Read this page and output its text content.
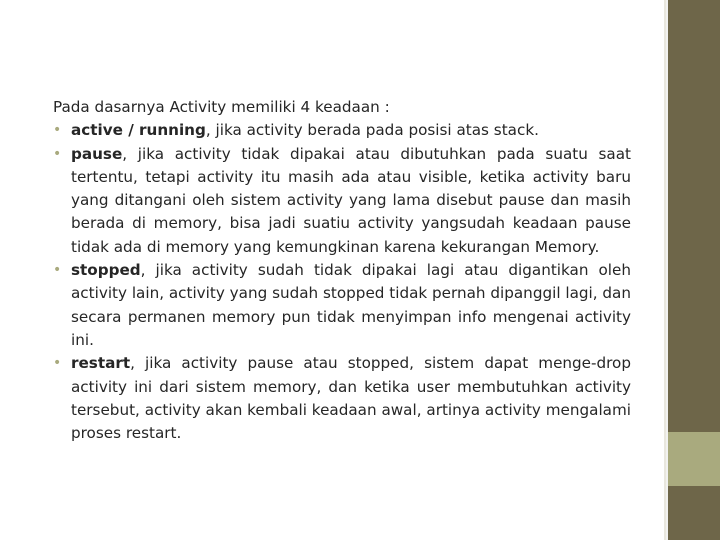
Pada dasarnya Activity memiliki 4 keadaan :

• active / running, jika activity berada pada posisi atas stack.
• pause, jika activity tidak dipakai atau dibutuhkan pada suatu saat tertentu, tetapi activity itu masih ada atau visible, ketika activity baru yang ditangani oleh sistem activity yang lama disebut pause dan masih berada di memory, bisa jadi suatiu activity yangsudah keadaan pause tidak ada di memory yang kemungkinan karena kekurangan Memory.
• stopped, jika activity sudah tidak dipakai lagi atau digantikan oleh activity lain, activity yang sudah stopped tidak pernah dipanggil lagi, dan secara permanen memory pun tidak menyimpan info mengenai activity ini.
• restart, jika activity pause atau stopped, sistem dapat menge-drop activity ini dari sistem memory, dan ketika user membutuhkan activity tersebut, activity akan kembali keadaan awal, artinya activity mengalami proses restart.
